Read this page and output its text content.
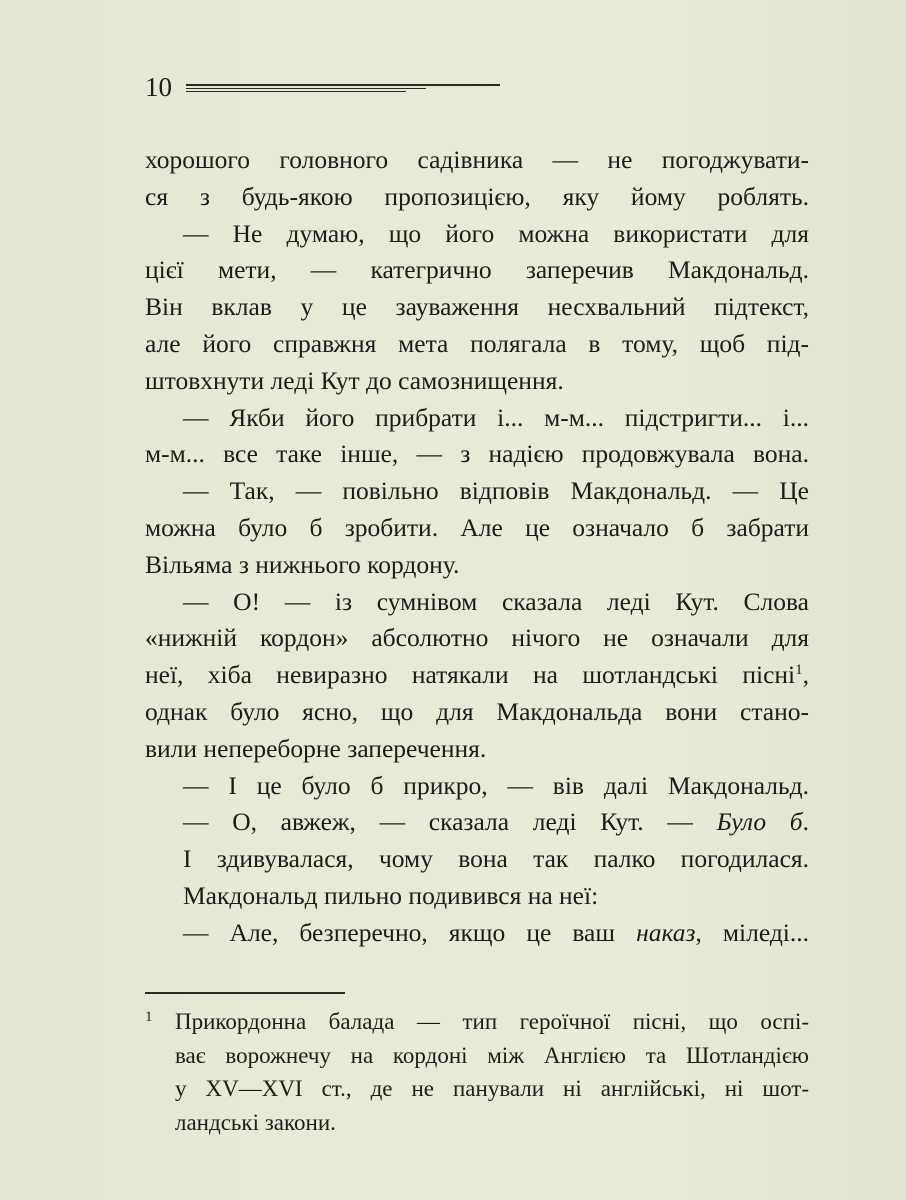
10
хорошого головного садівника — не погоджувати-
ся з будь-якою пропозицією, яку йому роблять.
— Не думаю, що його можна використати для
цієї мети, — категрично заперечив Макдональд.
Він вклав у це зауваження несхвальний підтекст,
але його справжня мета полягала в тому, щоб під-
штовхнути леді Кут до самознищення.
— Якби його прибрати і... м-м... підстригти... і...
м-м... все таке інше, — з надією продовжувала вона.
— Так, — повільно відповів Макдональд. — Це
можна було б зробити. Але це означало б забрати
Вільяма з нижнього кордону.
— О! — із сумнівом сказала леді Кут. Слова
«нижній кордон» абсолютно нічого не означали для
неї, хіба невиразно натякали на шотландські пісні$^1$,
однак було ясно, що для Макдональда вони стано-
вили непереборне заперечення.
— І це було б прикро, — вів далі Макдональд.
— О, авжеж, — сказала леді Кут. — Було б.
І здивувалася, чому вона так палко погодилася.
Макдональд пильно подивився на неї:
— Але, безперечно, якщо це ваш наказ, міледі...
1 Прикордонна балада — тип героїчної пісні, що оспі-
ває ворожнечу на кордоні між Англією та Шотландією
у XV—XVI ст., де не панували ні англійські, ні шот-
ландські закони.
